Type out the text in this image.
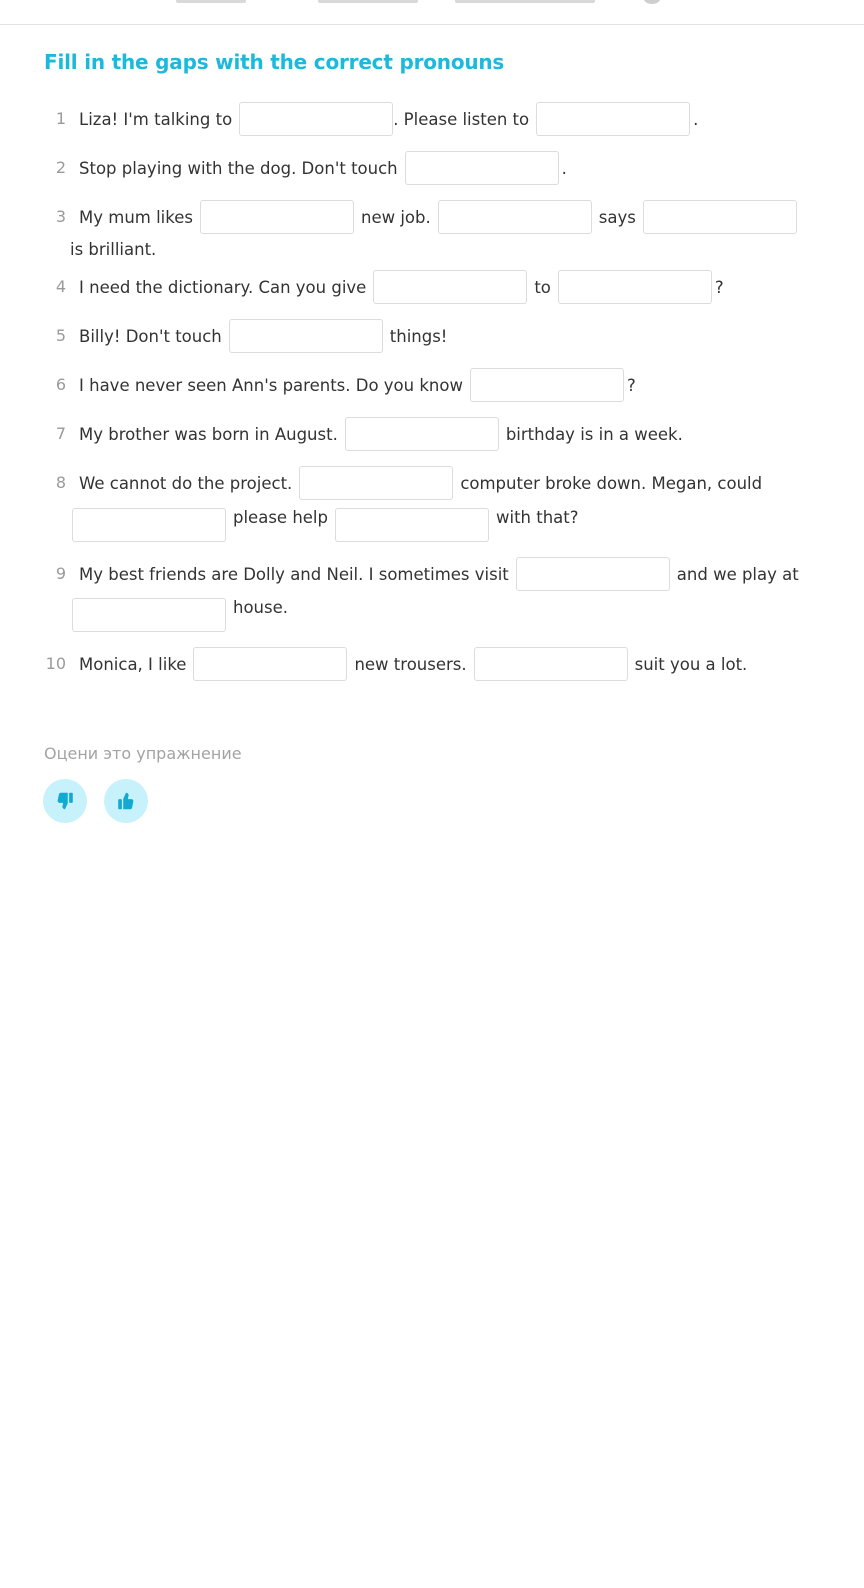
Fill in the gaps with the correct pronouns
1 Liza! I'm talking to	. Please listen to	.
2 Stop playing with the dog. Don't touch	.
3 My mum likes	new job.	says
is brilliant.
4 I need the dictionary. Can you give	to	?
5 Billy! Don't touch	things!
6 I have never seen Ann's parents. Do you know	?
7 My brother was born in August.	birthday is in a week.
8 We cannot do the project.	computer broke down. Megan, could
please help	with that?
9 My best friends are Dolly and Neil. I sometimes visit	and we play at
house.
10 Monica, I like	new trousers.	suit you a lot.
Оцени это упражнение
